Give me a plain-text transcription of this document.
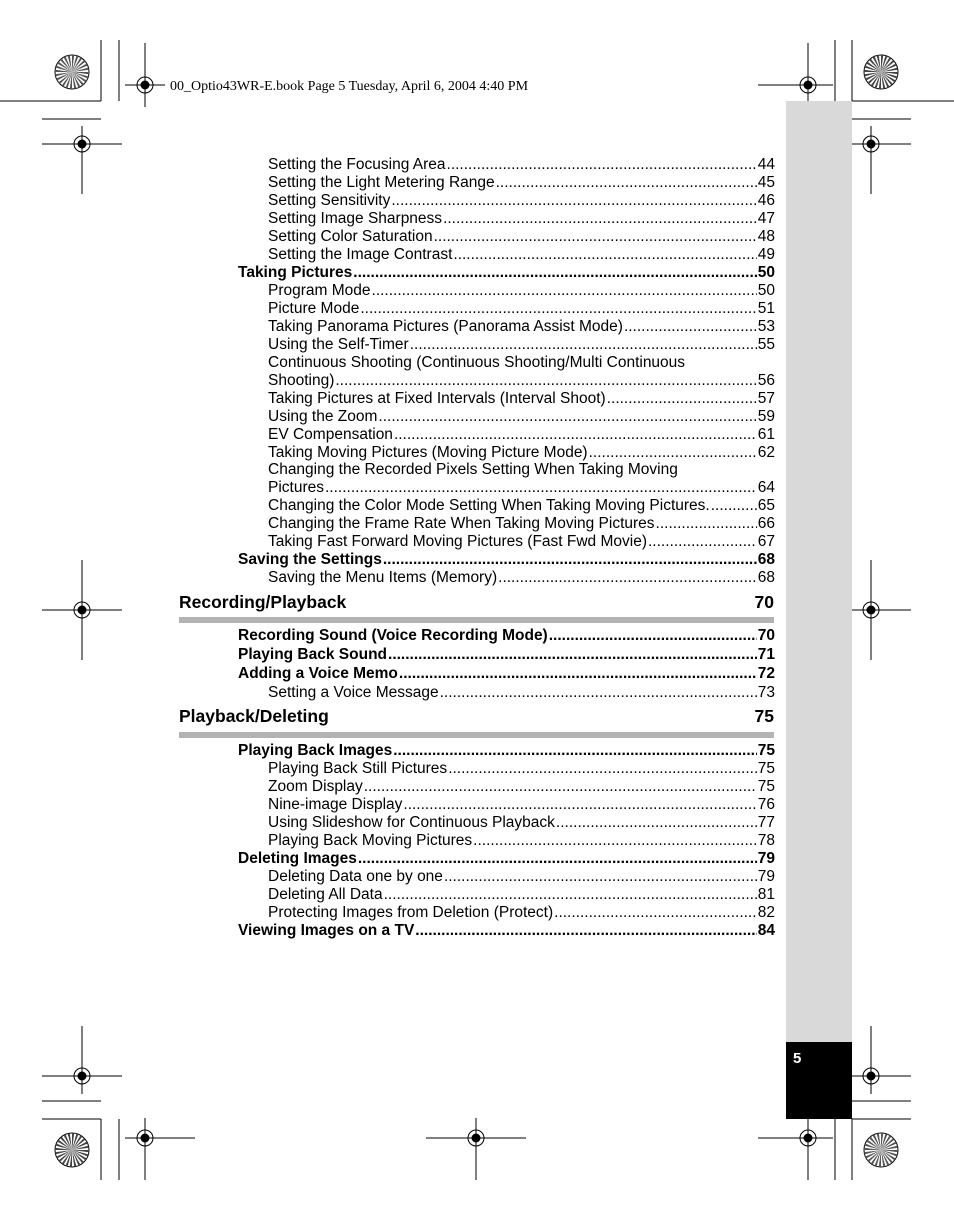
5
00_Optio43WR-E.book Page 5 Tuesday, April 6, 2004 4:40 PM
Setting the Focusing Area .....	44
Setting the Light Metering Range .....	45
Setting Sensitivity .....	46
Setting Image Sharpness .....	47
Setting Color Saturation .....	48
Setting the Image Contrast .....	49
Taking Pictures .....	50
Program Mode .....	50
Picture Mode .....	51
Taking Panorama Pictures (Panorama Assist Mode) .....	53
Using the Self-Timer .....	55
Continuous Shooting (Continuous Shooting/Multi Continuous
Shooting) .....	56
Taking Pictures at Fixed Intervals (Interval Shoot) .....	57
Using the Zoom .....	59
EV Compensation .....	61
Taking Moving Pictures (Moving Picture Mode) .....	62
Changing the Recorded Pixels Setting When Taking Moving
Pictures .....	64
Changing the Color Mode Setting When Taking Moving Pictures. .....	65
Changing the Frame Rate When Taking Moving Pictures .....	66
Taking Fast Forward Moving Pictures (Fast Fwd Movie) .....	67
Saving the Settings .....	68
Saving the Menu Items (Memory) .....	68
Recording/Playback	70
Recording Sound (Voice Recording Mode) .....	70
Playing Back Sound .....	71
Adding a Voice Memo .....	72
Setting a Voice Message .....	73
Playback/Deleting	75
Playing Back Images .....	75
Playing Back Still Pictures .....	75
Zoom Display .....	75
Nine-image Display .....	76
Using Slideshow for Continuous Playback .....	77
Playing Back Moving Pictures .....	78
Deleting Images .....	79
Deleting Data one by one .....	79
Deleting All Data .....	81
Protecting Images from Deletion (Protect) .....	82
Viewing Images on a TV .....	84
